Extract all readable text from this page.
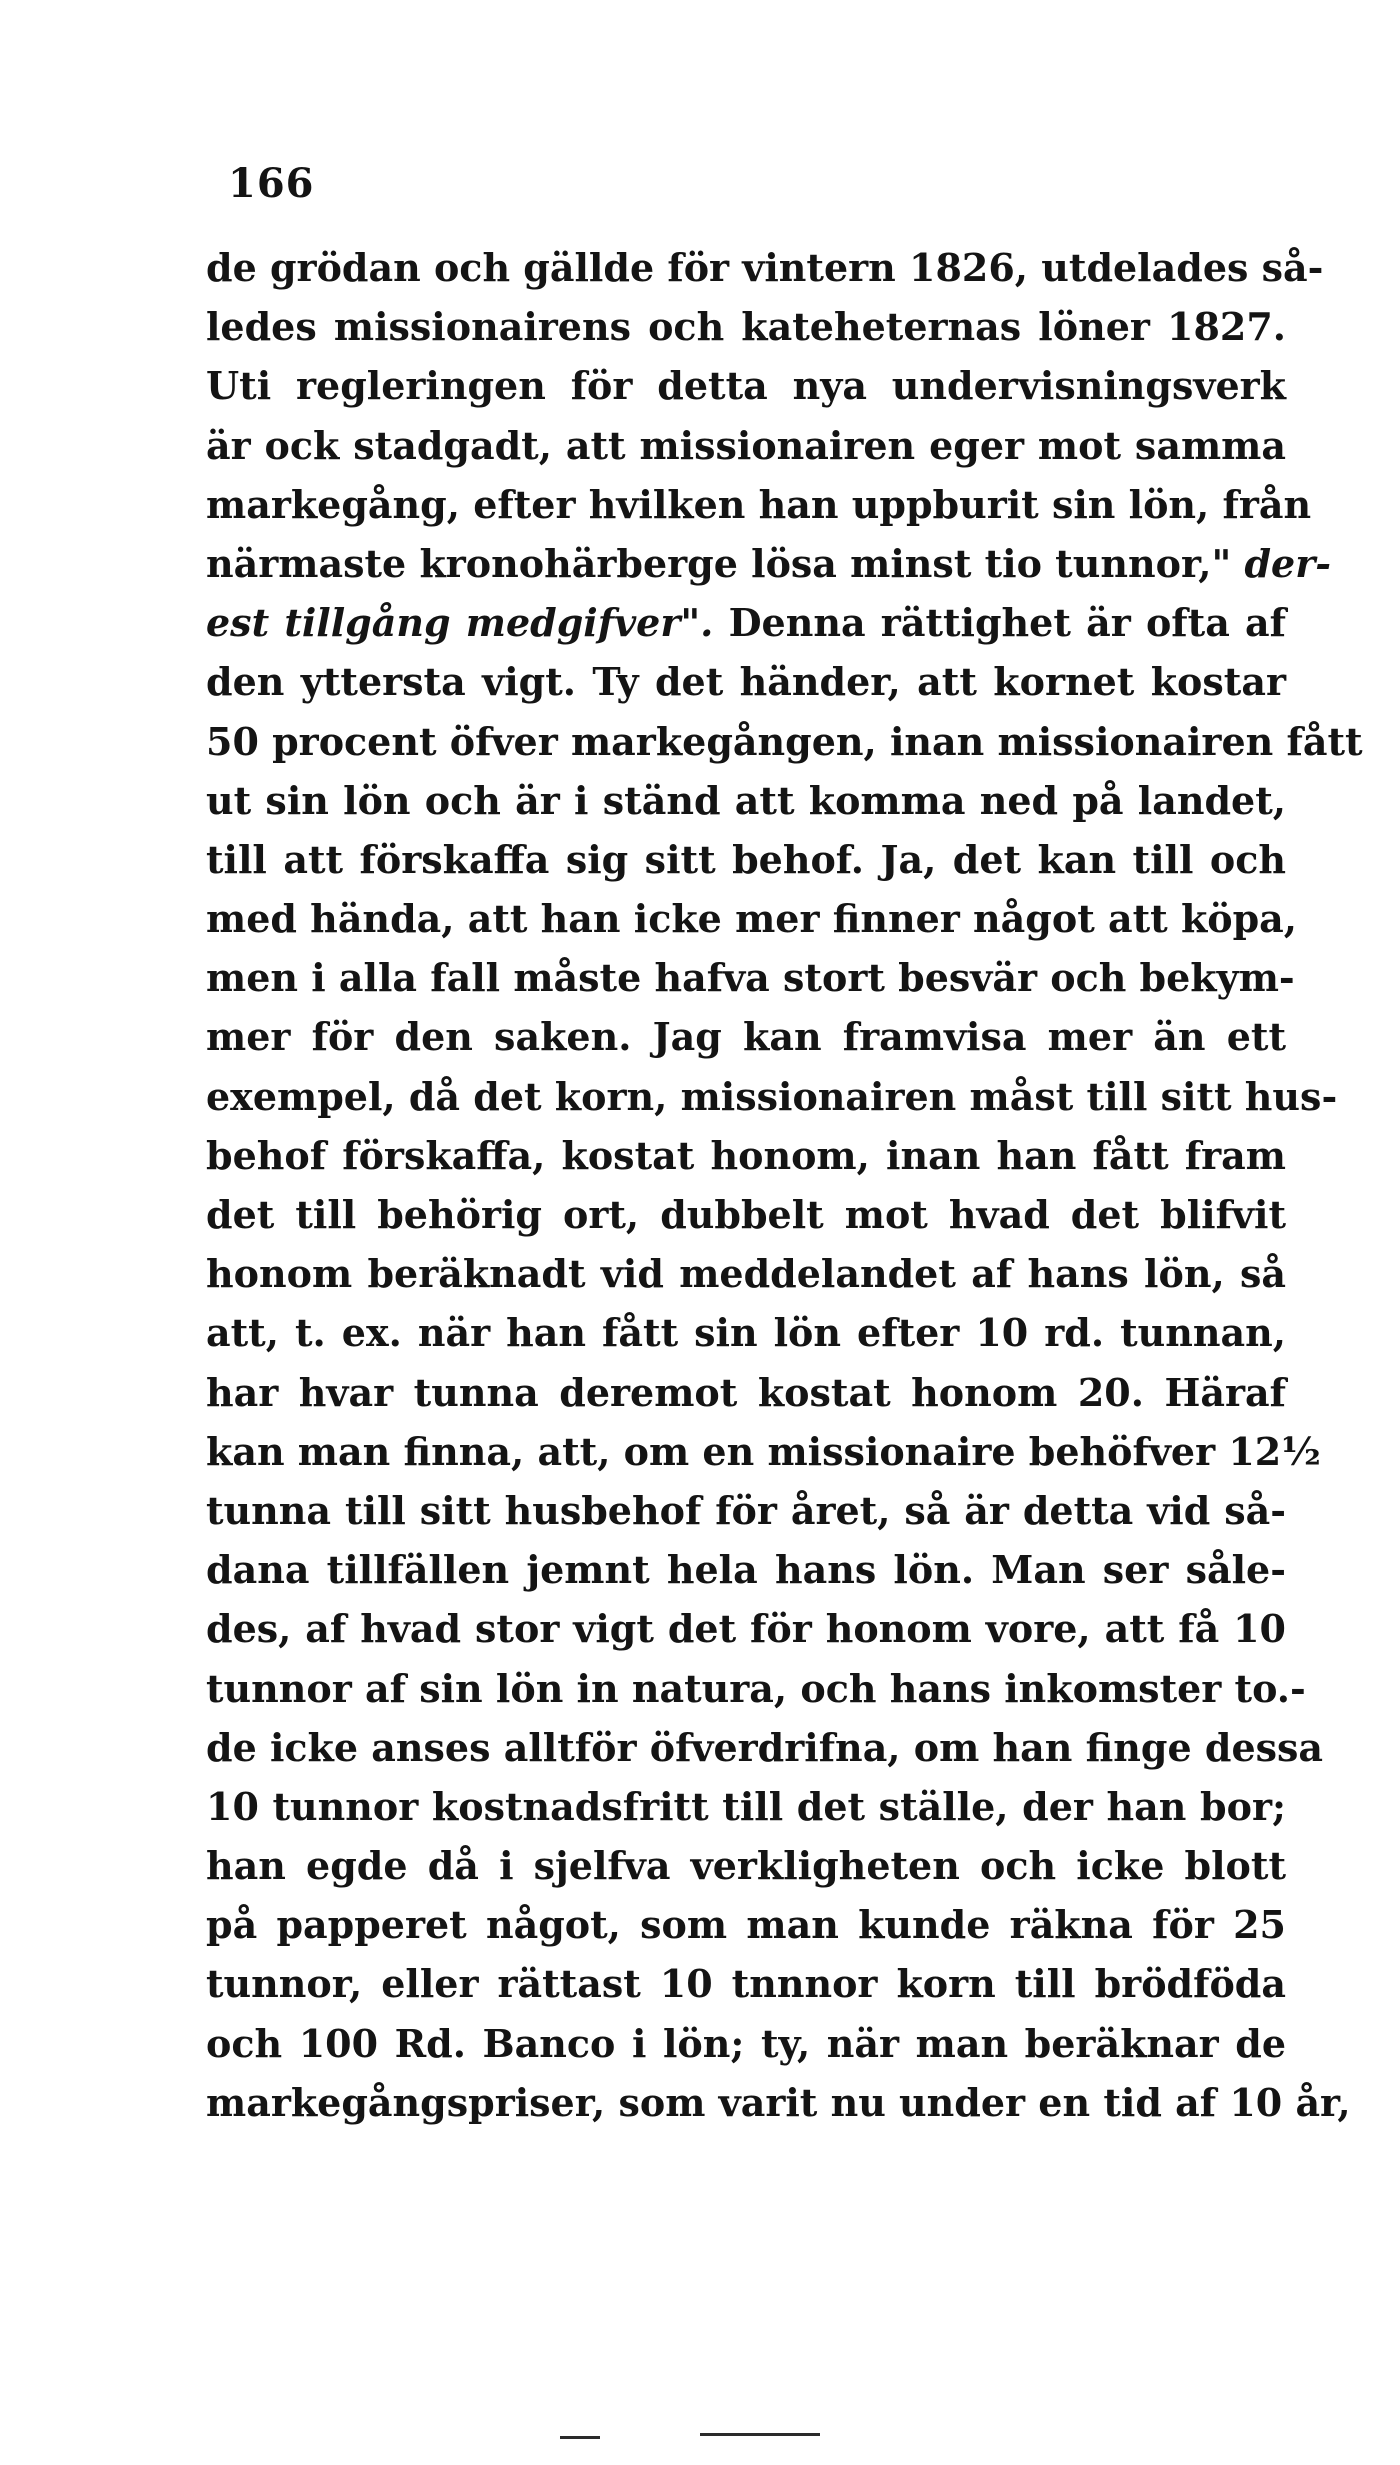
166
de grödan och gällde för vintern 1826, utdelades så-
ledes missionairens och kateheternas löner 1827.
Uti regleringen för detta nya undervisningsverk
är ock stadgadt, att missionairen eger mot samma
markegång, efter hvilken han uppburit sin lön, från
närmaste kronohärberge lösa minst tio tunnor," der-
est tillgång medgifver". Denna rättighet är ofta af
den yttersta vigt. Ty det händer, att kornet kostar
50 procent öfver markegången, inan missionairen fått
ut sin lön och är i ständ att komma ned på landet,
till att förskaffa sig sitt behof. Ja, det kan till och
med hända, att han icke mer finner något att köpa,
men i alla fall måste hafva stort besvär och bekym-
mer för den saken. Jag kan framvisa mer än ett
exempel, då det korn, missionairen måst till sitt hus-
behof förskaffa, kostat honom, inan han fått fram
det till behörig ort, dubbelt mot hvad det blifvit
honom beräknadt vid meddelandet af hans lön, så
att, t. ex. när han fått sin lön efter 10 rd. tunnan,
har hvar tunna deremot kostat honom 20. Häraf
kan man finna, att, om en missionaire behöfver 12½
tunna till sitt husbehof för året, så är detta vid så-
dana tillfällen jemnt hela hans lön. Man ser såle-
des, af hvad stor vigt det för honom vore, att få 10
tunnor af sin lön in natura, och hans inkomster to.-
de icke anses alltför öfverdrifna, om han finge dessa
10 tunnor kostnadsfritt till det ställe, der han bor;
han egde då i sjelfva verkligheten och icke blott
på papperet något, som man kunde räkna för 25
tunnor, eller rättast 10 tnnnor korn till brödföda
och 100 Rd. Banco i lön; ty, när man beräknar de
markegångspriser, som varit nu under en tid af 10 år,
